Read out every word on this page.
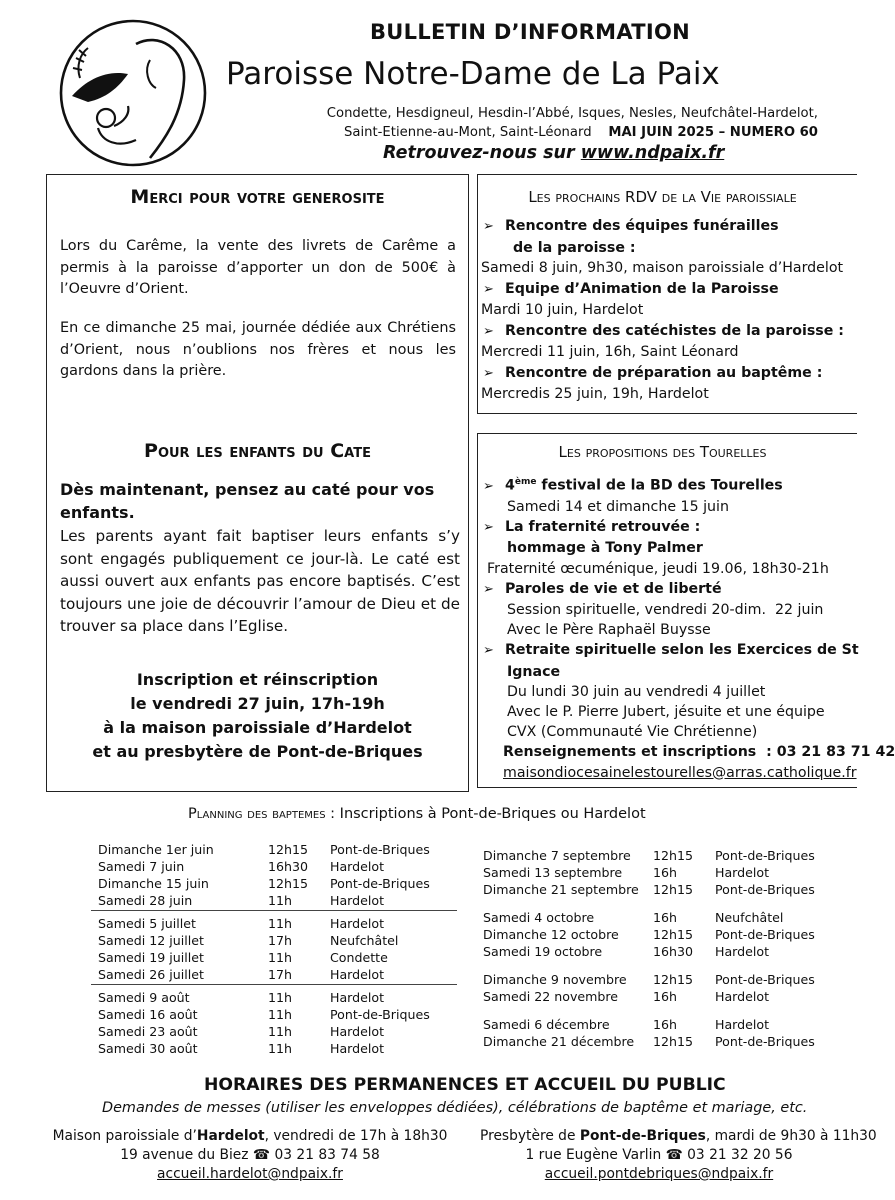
BULLETIN D’INFORMATION
Paroisse Notre-Dame de La Paix
Condette, Hesdigneul, Hesdin-l’Abbé, Isques, Nesles, Neufchâtel-Hardelot,
Saint-Etienne-au-Mont, Saint-Léonard MAI JUIN 2025 – NUMERO 60
Retrouvez-nous sur www.ndpaix.fr
Merci pour votre generosite
Lors du Carême, la vente des livrets de Carême a permis à la paroisse d’apporter un don de 500€ à l’Oeuvre d’Orient.
En ce dimanche 25 mai, journée dédiée aux Chrétiens d’Orient, nous n’oublions nos frères et nous les gardons dans la prière.
Pour les enfants du Cate
Dès maintenant, pensez au caté pour vos enfants.
Les parents ayant fait baptiser leurs enfants s’y sont engagés publiquement ce jour-là. Le caté est aussi ouvert aux enfants pas encore baptisés. C’est toujours une joie de découvrir l’amour de Dieu et de trouver sa place dans l’Eglise.
Inscription et réinscription
le vendredi 27 juin, 17h-19h
à la maison paroissiale d’Hardelot
et au presbytère de Pont-de-Briques
Les prochains RDV de la Vie paroissiale
➢ Rencontre des équipes funérailles
de la paroisse :
Samedi 8 juin, 9h30, maison paroissiale d’Hardelot
➢ Equipe d’Animation de la Paroisse
Mardi 10 juin, Hardelot
➢ Rencontre des catéchistes de la paroisse :
Mercredi 11 juin, 16h, Saint Léonard
➢ Rencontre de préparation au baptême :
Mercredis 25 juin, 19h, Hardelot
Les propositions des Tourelles
➢ 4ème festival de la BD des Tourelles
Samedi 14 et dimanche 15 juin
➢ La fraternité retrouvée :
hommage à Tony Palmer
Fraternité œcuménique, jeudi 19.06, 18h30-21h
➢ Paroles de vie et de liberté
Session spirituelle, vendredi 20-dim.  22 juin
Avec le Père Raphaël Buysse
➢ Retraite spirituelle selon les Exercices de St
Ignace
Du lundi 30 juin au vendredi 4 juillet
Avec le P. Pierre Jubert, jésuite et une équipe
CVX (Communauté Vie Chrétienne)
Renseignements et inscriptions  : 03 21 83 71 42
maisondiocesainelestourelles@arras.catholique.fr
Planning des baptemes : Inscriptions à Pont-de-Briques ou Hardelot
HORAIRES DES PERMANENCES ET ACCUEIL DU PUBLIC
Demandes de messes (utiliser les enveloppes dédiées), célébrations de baptême et mariage, etc.
Maison paroissiale d’Hardelot, vendredi de 17h à 18h30
19 avenue du Biez ☎ 03 21 83 74 58
accueil.hardelot@ndpaix.fr
Presbytère de Pont-de-Briques, mardi de 9h30 à 11h30
1 rue Eugène Varlin ☎ 03 21 32 20 56
accueil.pontdebriques@ndpaix.fr
Dimanche 1er juin	12h15 Pont-de-Briques
Samedi 7 juin	16h30 Hardelot
Dimanche 15 juin	12h15 Pont-de-Briques
Samedi 28 juin	11h	Hardelot
Samedi 5 juillet	11h	Hardelot
Samedi 12 juillet	17h	Neufchâtel
Samedi 19 juillet	11h	Condette
Samedi 26 juillet	17h	Hardelot
Samedi 9 août	11h	Hardelot
Samedi 16 août	11h	Pont-de-Briques
Samedi 23 août	11h	Hardelot
Samedi 30 août	11h	Hardelot
Dimanche 7 septembre 12h15 Pont-de-Briques
Samedi 13 septembre 16h	Hardelot
Dimanche 21 septembre 12h15 Pont-de-Briques
Samedi 4 octobre	16h	Neufchâtel
Dimanche 12 octobre	12h15 Pont-de-Briques
Samedi 19 octobre	16h30 Hardelot
Dimanche 9 novembre 12h15 Pont-de-Briques
Samedi 22 novembre	16h	Hardelot
Samedi 6 décembre	16h	Hardelot
Dimanche 21 décembre 12h15 Pont-de-Briques
